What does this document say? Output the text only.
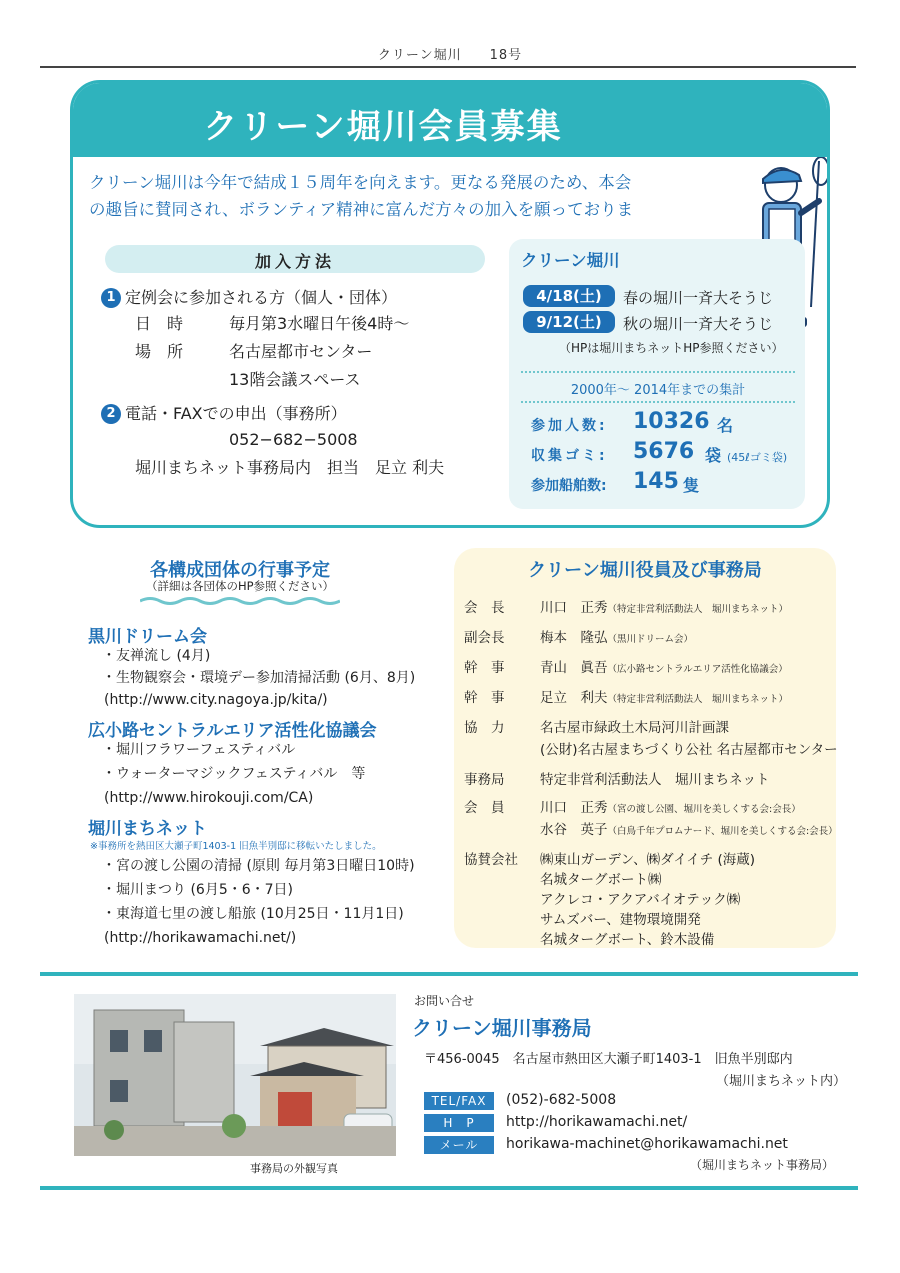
クリーン堀川　　18号
クリーン堀川会員募集
クリーン堀川は今年で結成１５周年を向えます。更なる発展のため、本会
の趣旨に賛同され、ボランティア精神に富んだ方々の加入を願っておりま
加入方法
1 定例会に参加される方（個人・団体）
日　時	毎月第3水曜日午後4時～
場　所	名古屋都市センター
13階会議スペース
2 電話・FAXでの申出（事務所）
052−682−5008
堀川まちネット事務局内　担当　足立 利夫
クリーン堀川
4/18(土)	春の堀川一斉大そうじ
9/12(土)	秋の堀川一斉大そうじ
（HPは堀川まちネットHP参照ください）
2000年～ 2014年までの集計
参加人数: 10326 名
収集ゴミ: 5676 袋 (45ℓゴミ袋)
参加船舶数: 145 隻
各構成団体の行事予定
（詳細は各団体のHP参照ください）
黒川ドリーム会
・友禅流し (4月)
・生物観察会・環境デー参加清掃活動 (6月、8月)
(http://www.city.nagoya.jp/kita/)
広小路セントラルエリア活性化協議会
・堀川フラワーフェスティバル
・ウォーターマジックフェスティバル　等
(http://www.hirokouji.com/CA)
堀川まちネット
※事務所を熱田区大瀬子町1403-1 旧魚半別邸に移転いたしました。
・宮の渡し公園の清掃 (原則 毎月第3日曜日10時)
・堀川まつり (6月5・6・7日)
・東海道七里の渡し船旅 (10月25日・11月1日)
(http://horikawamachi.net/)
クリーン堀川役員及び事務局
会　長	川口　正秀（特定非営利活動法人　堀川まちネット）
副会長	梅本　隆弘（黒川ドリーム会）
幹　事	青山　眞吾（広小路セントラルエリア活性化協議会）
幹　事	足立　利夫（特定非営利活動法人　堀川まちネット）
協　力	名古屋市緑政土木局河川計画課
(公財)名古屋まちづくり公社 名古屋都市センター
事務局	特定非営利活動法人　堀川まちネット
会　員	川口　正秀（宮の渡し公園、堀川を美しくする会:会長）
水谷　英子（白鳥千年プロムナード、堀川を美しくする会:会長）
協賛会社 ㈱東山ガーデン、㈱ダイイチ (海蔵)
名城ターグボート㈱
アクレコ・アクアバイオテック㈱
サムズバー、建物環境開発
名城ターグボート、鈴木設備
事務局の外観写真
お問い合せ
クリーン堀川事務局
〒456-0045　名古屋市熱田区大瀬子町1403-1　旧魚半別邸内
（堀川まちネット内）
TEL/FAX	(052)-682-5008
H　P	http://horikawamachi.net/
メール	horikawa-machinet@horikawamachi.net
（堀川まちネット事務局）
